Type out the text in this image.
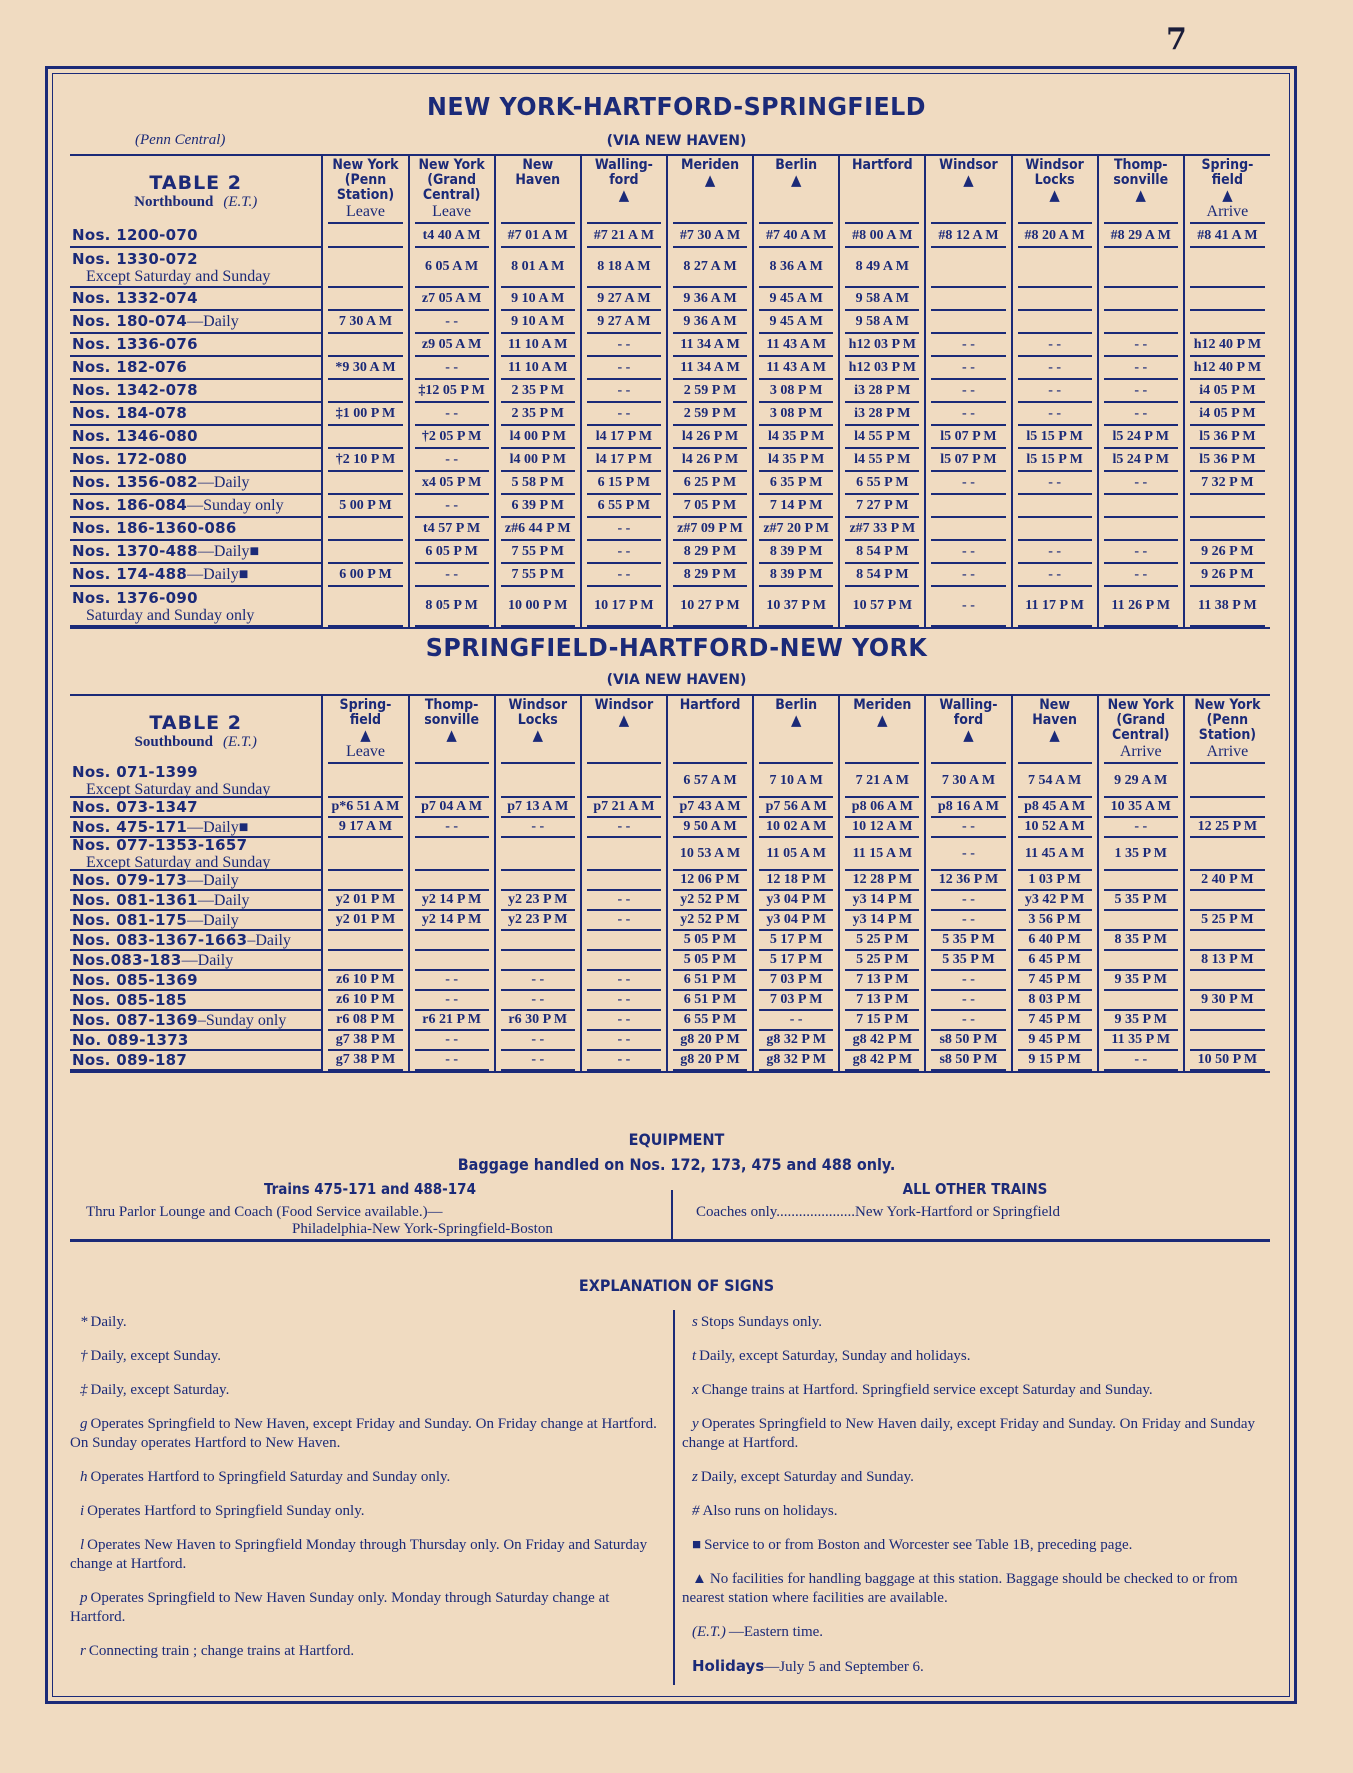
7
NEW YORK-HARTFORD-SPRINGFIELD
(Penn Central)	(VIA NEW HAVEN)
TABLE 2
Northbound (E.T.)	New York
(Penn
Station)
Leave	New York
(Grand
Central)
Leave	New
Haven	Walling-
ford
▲	Meriden
▲	Berlin
▲	Hartford	Windsor
▲	Windsor
Locks
▲	Thomp-
sonville
▲	Spring-
field
▲
Arrive

Nos. 1200-070		t4 40 A M	#7 01 A M	#7 21 A M	#7 30 A M	#7 40 A M	#8 00 A M	#8 12 A M	#8 20 A M	#8 29 A M	#8 41 A M

Nos. 1330-072
Except Saturday and Sunday		6 05 A M	8 01 A M	8 18 A M	8 27 A M	8 36 A M	8 49 A M				

Nos. 1332-074		z7 05 A M	9 10 A M	9 27 A M	9 36 A M	9 45 A M	9 58 A M				

Nos. 180-074—Daily	7 30 A M	- -	9 10 A M	9 27 A M	9 36 A M	9 45 A M	9 58 A M				

Nos. 1336-076		z9 05 A M	11 10 A M	- -	11 34 A M	11 43 A M	h12 03 P M	- -	- -	- -	h12 40 P M

Nos. 182-076	*9 30 A M	- -	11 10 A M	- -	11 34 A M	11 43 A M	h12 03 P M	- -	- -	- -	h12 40 P M

Nos. 1342-078		‡12 05 P M	2 35 P M	- -	2 59 P M	3 08 P M	i3 28 P M	- -	- -	- -	i4 05 P M

Nos. 184-078	‡1 00 P M	- -	2 35 P M	- -	2 59 P M	3 08 P M	i3 28 P M	- -	- -	- -	i4 05 P M

Nos. 1346-080		†2 05 P M	l4 00 P M	l4 17 P M	l4 26 P M	l4 35 P M	l4 55 P M	l5 07 P M	l5 15 P M	l5 24 P M	l5 36 P M

Nos. 172-080	†2 10 P M	- -	l4 00 P M	l4 17 P M	l4 26 P M	l4 35 P M	l4 55 P M	l5 07 P M	l5 15 P M	l5 24 P M	l5 36 P M

Nos. 1356-082—Daily		x4 05 P M	5 58 P M	6 15 P M	6 25 P M	6 35 P M	6 55 P M	- -	- -	- -	7 32 P M

Nos. 186-084—Sunday only	5 00 P M	- -	6 39 P M	6 55 P M	7 05 P M	7 14 P M	7 27 P M				

Nos. 186-1360-086		t4 57 P M	z#6 44 P M	- -	z#7 09 P M	z#7 20 P M	z#7 33 P M				

Nos. 1370-488—Daily■		6 05 P M	7 55 P M	- -	8 29 P M	8 39 P M	8 54 P M	- -	- -	- -	9 26 P M

Nos. 174-488—Daily■	6 00 P M	- -	7 55 P M	- -	8 29 P M	8 39 P M	8 54 P M	- -	- -	- -	9 26 P M

Nos. 1376-090
Saturday and Sunday only		8 05 P M	10 00 P M	10 17 P M	10 27 P M	10 37 P M	10 57 P M	- -	11 17 P M	11 26 P M	11 38 P M
SPRINGFIELD-HARTFORD-NEW YORK
(VIA NEW HAVEN)
TABLE 2
Southbound (E.T.)	Spring-
field
▲
Leave	Thomp-
sonville
▲	Windsor
Locks
▲	Windsor
▲	Hartford	Berlin
▲	Meriden
▲	Walling-
ford
▲	New
Haven
▲	New York
(Grand
Central)
Arrive	New York
(Penn
Station)
Arrive

Nos. 071-1399
Except Saturday and Sunday					6 57 A M	7 10 A M	7 21 A M	7 30 A M	7 54 A M	9 29 A M	

Nos. 073-1347	p*6 51 A M	p7 04 A M	p7 13 A M	p7 21 A M	p7 43 A M	p7 56 A M	p8 06 A M	p8 16 A M	p8 45 A M	10 35 A M	

Nos. 475-171—Daily■	9 17 A M	- -	- -	- -	9 50 A M	10 02 A M	10 12 A M	- -	10 52 A M	- -	12 25 P M

Nos. 077-1353-1657
Except Saturday and Sunday					10 53 A M	11 05 A M	11 15 A M	- -	11 45 A M	1 35 P M	

Nos. 079-173—Daily					12 06 P M	12 18 P M	12 28 P M	12 36 P M	1 03 P M		2 40 P M

Nos. 081-1361—Daily	y2 01 P M	y2 14 P M	y2 23 P M	- -	y2 52 P M	y3 04 P M	y3 14 P M	- -	y3 42 P M	5 35 P M	

Nos. 081-175—Daily	y2 01 P M	y2 14 P M	y2 23 P M	- -	y2 52 P M	y3 04 P M	y3 14 P M	- -	3 56 P M		5 25 P M

Nos. 083-1367-1663–Daily					5 05 P M	5 17 P M	5 25 P M	5 35 P M	6 40 P M	8 35 P M	

Nos.083-183—Daily					5 05 P M	5 17 P M	5 25 P M	5 35 P M	6 45 P M		8 13 P M

Nos. 085-1369	z6 10 P M	- -	- -	- -	6 51 P M	7 03 P M	7 13 P M	- -	7 45 P M	9 35 P M	

Nos. 085-185	z6 10 P M	- -	- -	- -	6 51 P M	7 03 P M	7 13 P M	- -	8 03 P M		9 30 P M

Nos. 087-1369–Sunday only	r6 08 P M	r6 21 P M	r6 30 P M	- -	6 55 P M	- -	7 15 P M	- -	7 45 P M	9 35 P M	

No. 089-1373	g7 38 P M	- -	- -	- -	g8 20 P M	g8 32 P M	g8 42 P M	s8 50 P M	9 45 P M	11 35 P M	

Nos. 089-187	g7 38 P M	- -	- -	- -	g8 20 P M	g8 32 P M	g8 42 P M	s8 50 P M	9 15 P M	- -	10 50 P M
EQUIPMENT
Baggage handled on Nos. 172, 173, 475 and 488 only.
Trains 475-171 and 488-174
Thru Parlor Lounge and Coach (Food Service available.)—
Philadelphia-New York-Springfield-Boston
ALL OTHER TRAINS
Coaches only.....................New York-Hartford or Springfield
EXPLANATION OF SIGNS
* Daily.
† Daily, except Sunday.
‡ Daily, except Saturday.
g Operates Springfield to New Haven, except Friday and Sunday. On Friday change at Hartford. On Sunday operates Hartford to New Haven.
h Operates Hartford to Springfield Saturday and Sunday only.
i Operates Hartford to Springfield Sunday only.
l Operates New Haven to Springfield Monday through Thursday only. On Friday and Saturday change at Hartford.
p Operates Springfield to New Haven Sunday only. Monday through Saturday change at Hartford.
r Connecting train ; change trains at Hartford.
s Stops Sundays only.
t Daily, except Saturday, Sunday and holidays.
x Change trains at Hartford. Springfield service except Saturday and Sunday.
y Operates Springfield to New Haven daily, except Friday and Sunday. On Friday and Sunday change at Hartford.
z Daily, except Saturday and Sunday.
# Also runs on holidays.
■ Service to or from Boston and Worcester see Table 1B, preceding page.
▲ No facilities for handling baggage at this station. Baggage should be checked to or from nearest station where facilities are available.
(E.T.) —Eastern time.
Holidays—July 5 and September 6.
